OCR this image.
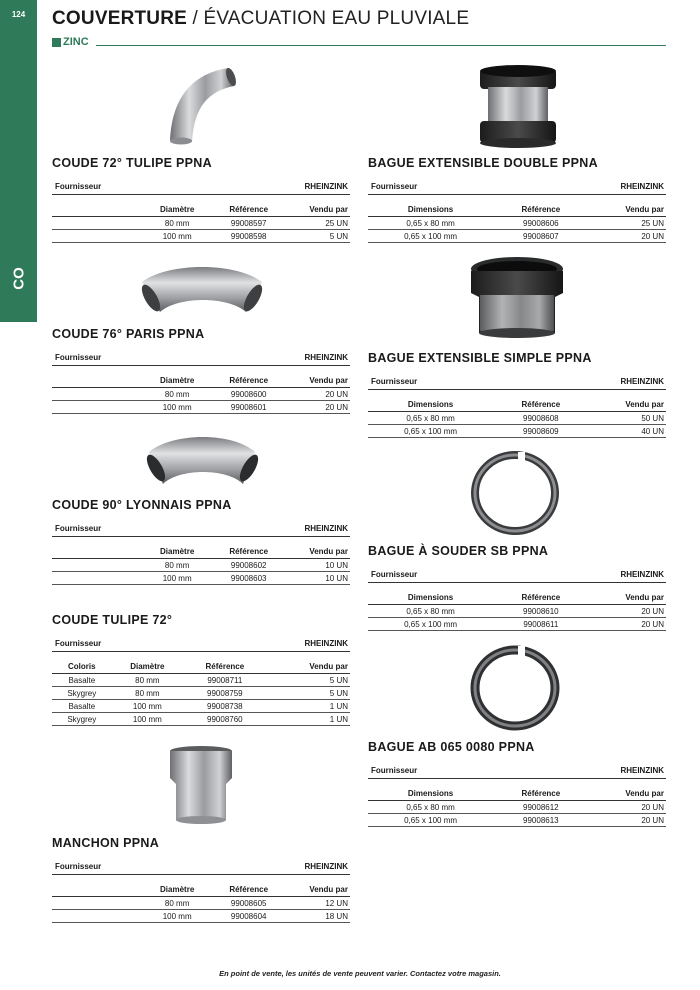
124
CO
COUVERTURE / ÉVACUATION EAU PLUVIALE
ZINC
COUDE 72° TULIPE PPNA
Fournisseur	RHEINZINK
	Diamètre	Référence	Vendu par
	80 mm	99008597	25 UN
	100 mm	99008598	5 UN
COUDE 76° PARIS PPNA
Fournisseur	RHEINZINK
	Diamètre	Référence	Vendu par
	80 mm	99008600	20 UN
	100 mm	99008601	20 UN
COUDE 90° LYONNAIS PPNA
Fournisseur	RHEINZINK
	Diamètre	Référence	Vendu par
	80 mm	99008602	10 UN
	100 mm	99008603	10 UN
COUDE TULIPE 72°
Fournisseur	RHEINZINK
Coloris	Diamètre	Référence	Vendu par
Basalte	80 mm	99008711	5 UN
Skygrey	80 mm	99008759	5 UN
Basalte	100 mm	99008738	1 UN
Skygrey	100 mm	99008760	1 UN
MANCHON PPNA
Fournisseur	RHEINZINK
	Diamètre	Référence	Vendu par
	80 mm	99008605	12 UN
	100 mm	99008604	18 UN
BAGUE EXTENSIBLE DOUBLE PPNA
Fournisseur	RHEINZINK
Dimensions	Référence	Vendu par
0,65 x 80 mm	99008606	25 UN
0,65 x 100 mm	99008607	20 UN
BAGUE EXTENSIBLE SIMPLE PPNA
Fournisseur	RHEINZINK
Dimensions	Référence	Vendu par
0,65 x 80 mm	99008608	50 UN
0,65 x 100 mm	99008609	40 UN
BAGUE À SOUDER SB PPNA
Fournisseur	RHEINZINK
Dimensions	Référence	Vendu par
0,65 x 80 mm	99008610	20 UN
0,65 x 100 mm	99008611	20 UN
BAGUE AB 065 0080 PPNA
Fournisseur	RHEINZINK
Dimensions	Référence	Vendu par
0,65 x 80 mm	99008612	20 UN
0,65 x 100 mm	99008613	20 UN
En point de vente, les unités de vente peuvent varier. Contactez votre magasin.
